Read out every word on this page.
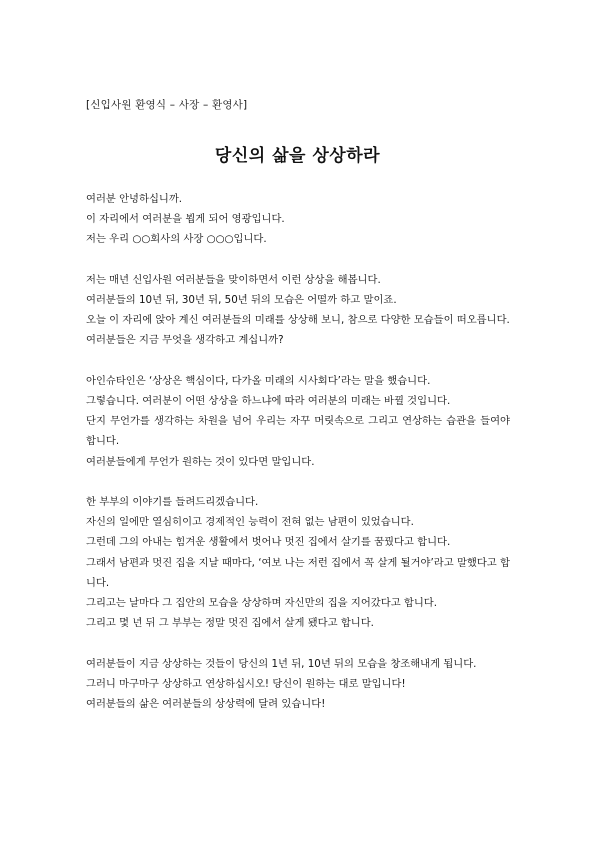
[신입사원 환영식 – 사장 – 환영사]
당신의 삶을 상상하라
여러분 안녕하십니까.
이 자리에서 여러분을 뵙게 되어 영광입니다.
저는 우리 ○○회사의 사장 ○○○입니다.
저는 매년 신입사원 여러분들을 맞이하면서 이런 상상을 해봅니다.
여러분들의 10년 뒤, 30년 뒤, 50년 뒤의 모습은 어떨까 하고 말이죠.
오늘 이 자리에 앉아 계신 여러분들의 미래를 상상해 보니, 참으로 다양한 모습들이 떠오릅니다.
여러분들은 지금 무엇을 생각하고 계십니까?
아인슈타인은 ‘상상은 핵심이다, 다가올 미래의 시사회다’라는 말을 했습니다.
그렇습니다. 여러분이 어떤 상상을 하느냐에 따라 여러분의 미래는 바뀔 것입니다.
단지 무언가를 생각하는 차원을 넘어 우리는 자꾸 머릿속으로 그리고 연상하는 습관을 들여야 합니다.
여러분들에게 무언가 원하는 것이 있다면 말입니다.
한 부부의 이야기를 들려드리겠습니다.
자신의 일에만 열심히이고 경제적인 능력이 전혀 없는 남편이 있었습니다.
그런데 그의 아내는 힘겨운 생활에서 벗어나 멋진 집에서 살기를 꿈꿨다고 합니다.
그래서 남편과 멋진 집을 지날 때마다, ‘여보 나는 저런 집에서 꼭 살게 될거야’라고 말했다고 합니다.
그리고는 날마다 그 집안의 모습을 상상하며 자신만의 집을 지어갔다고 합니다.
그리고 몇 년 뒤 그 부부는 정말 멋진 집에서 살게 됐다고 합니다.
여러분들이 지금 상상하는 것들이 당신의 1년 뒤, 10년 뒤의 모습을 창조해내게 됩니다.
그러니 마구마구 상상하고 연상하십시오! 당신이 원하는 대로 말입니다!
여러분들의 삶은 여러분들의 상상력에 달려 있습니다!
